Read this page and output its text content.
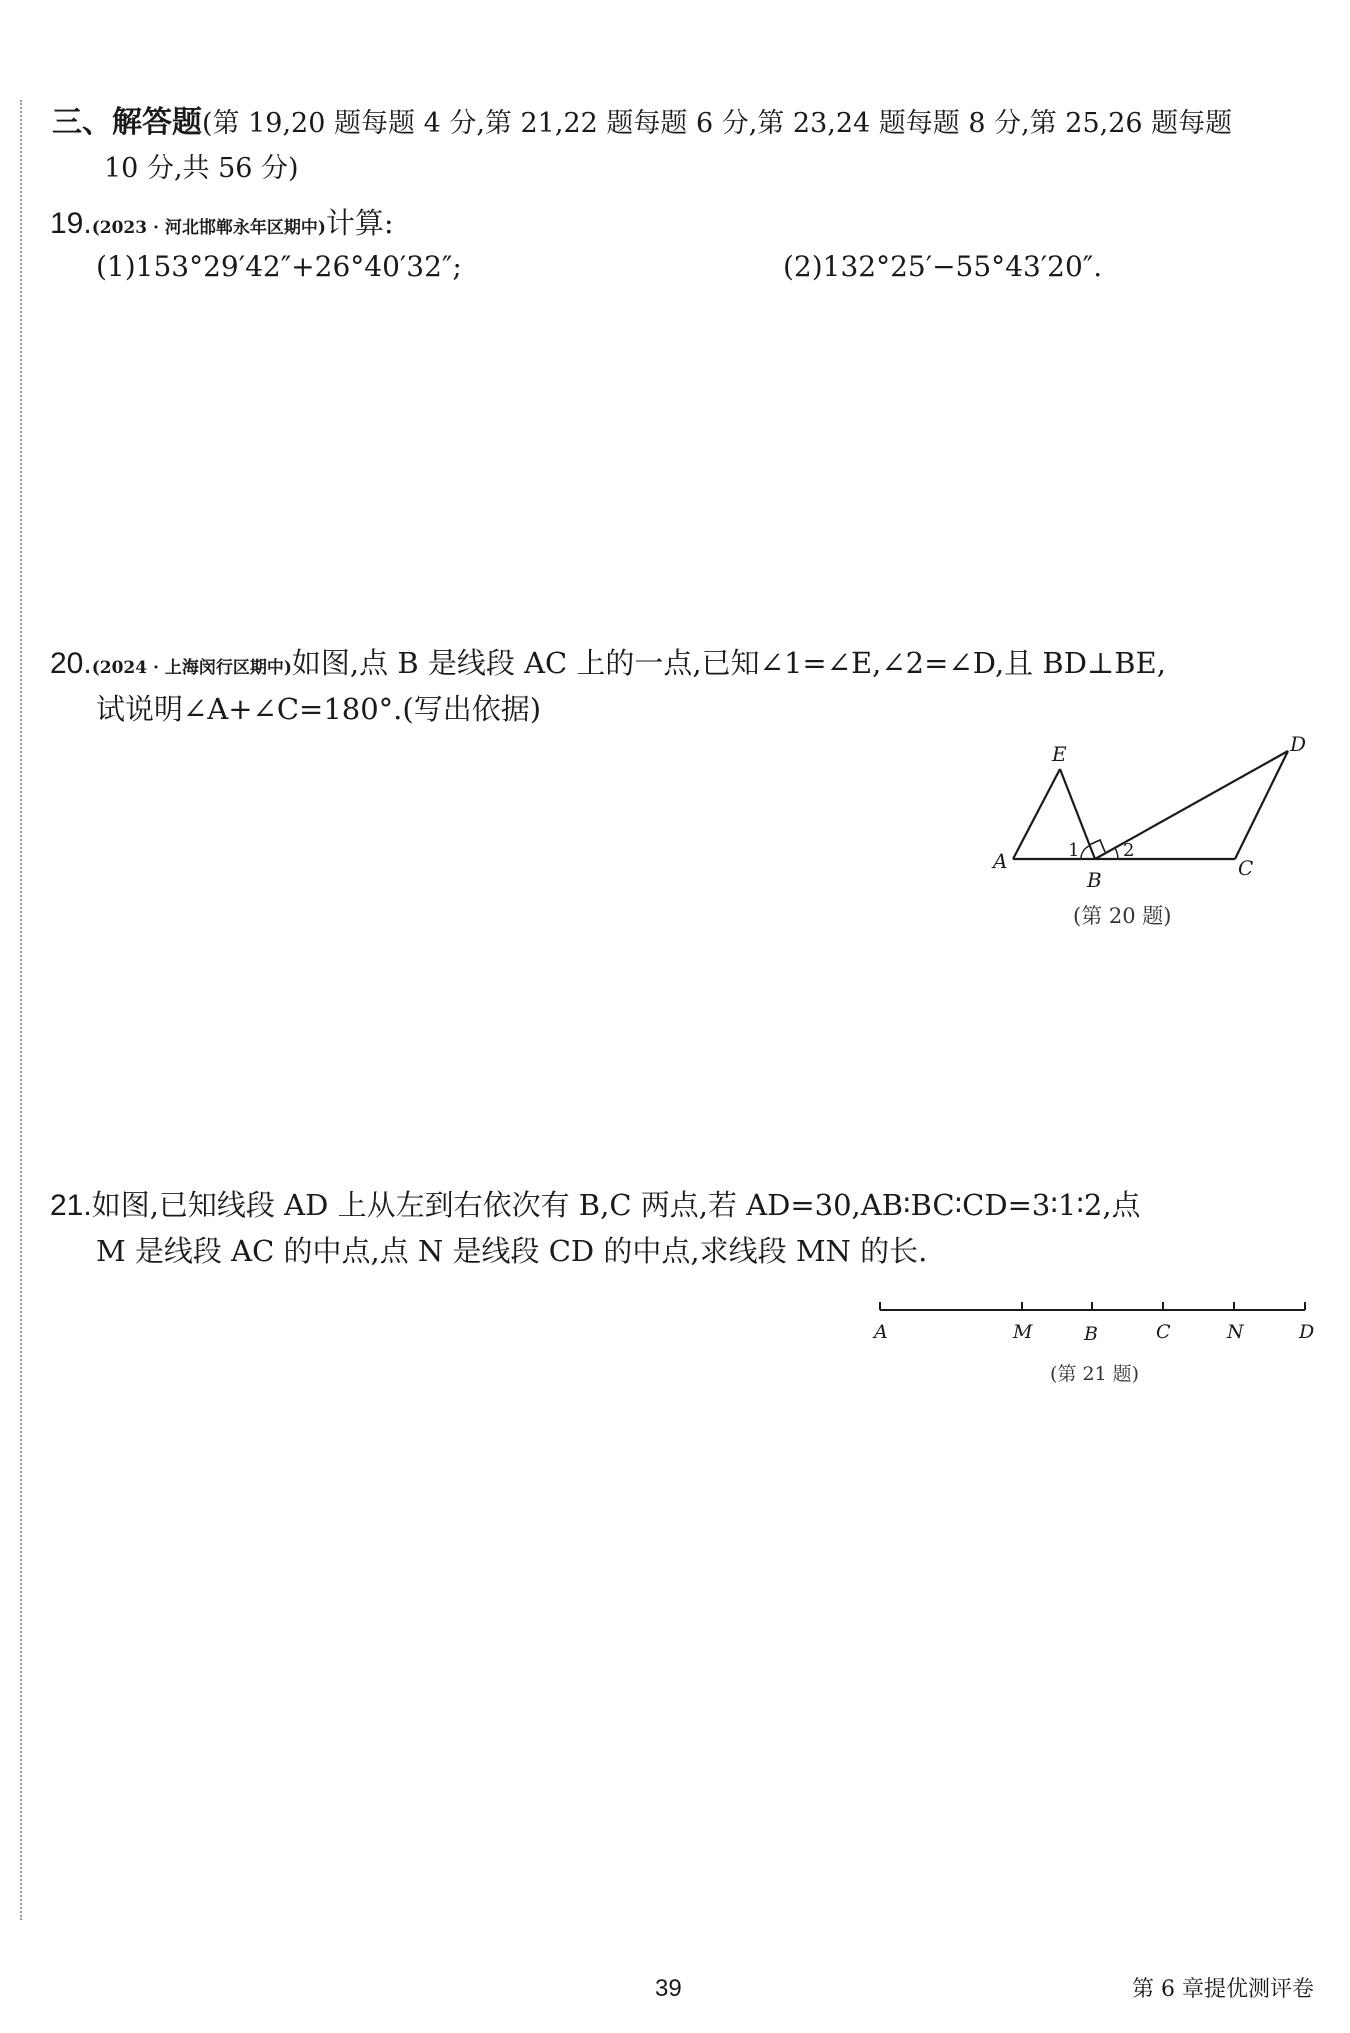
三、解答题(第 19,20 题每题 4 分,第 21,22 题每题 6 分,第 23,24 题每题 8 分,第 25,26 题每题
10 分,共 56 分)
19.(2023 · 河北邯郸永年区期中)计算:
(1)153°29′42″+26°40′32″;	(2)132°25′−55°43′20″.
20.(2024 · 上海闵行区期中)如图,点 B 是线段 AC 上的一点,已知∠1=∠E,∠2=∠D,且 BD⊥BE,
试说明∠A+∠C=180°.(写出依据)
E	D
A
B	C
1 2
(第 20 题)
21.如图,已知线段 AD 上从左到右依次有 B,C 两点,若 AD=30,AB∶BC∶CD=3∶1∶2,点
M 是线段 AC 的中点,点 N 是线段 CD 的中点,求线段 MN 的长.
A	M	B	C	N	D
(第 21 题)
39	第 6 章提优测评卷
